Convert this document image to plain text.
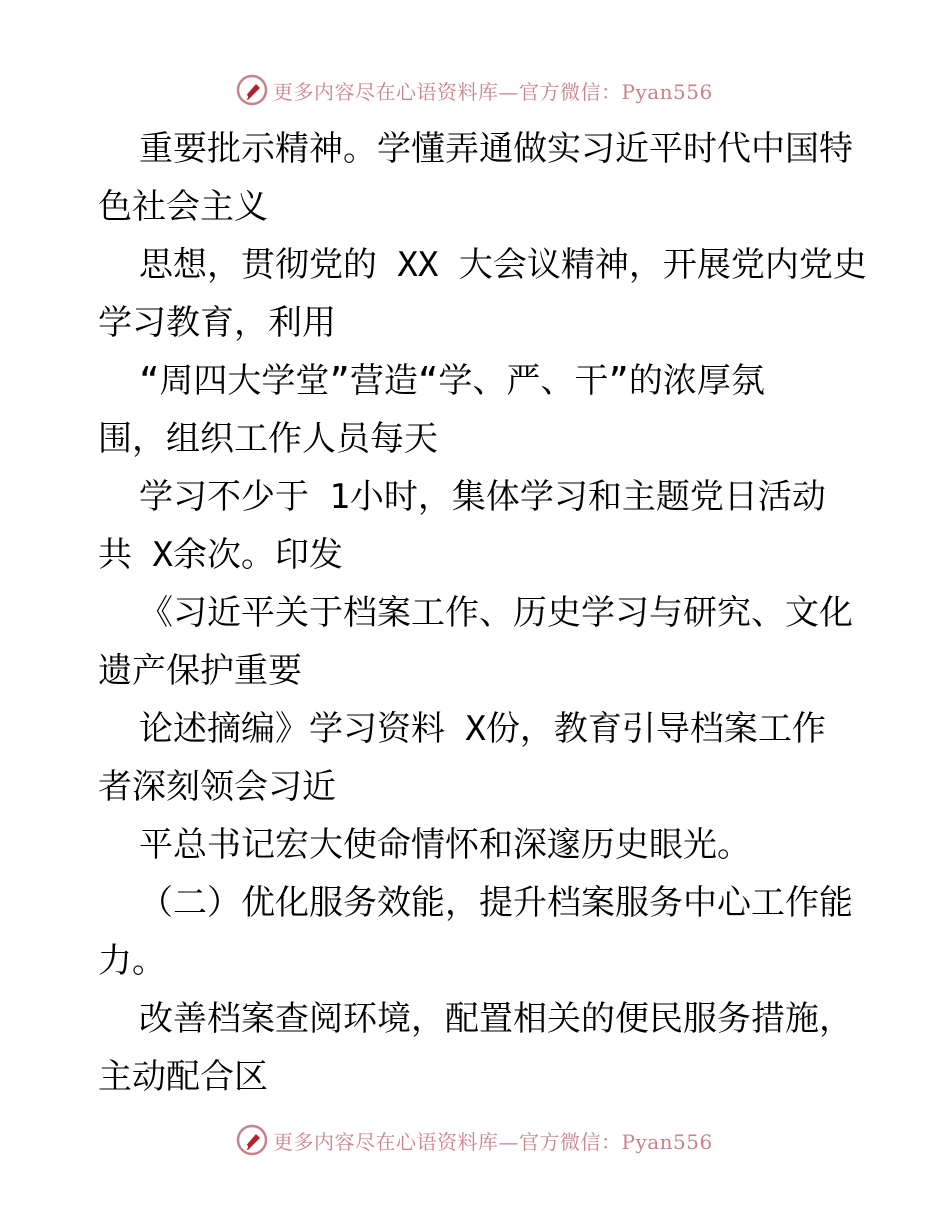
更多内容尽在心语资料库—官方微信：Pyan556
重要批示精神。学懂弄通做实习近平时代中国特
色社会主义
思想，贯彻党的 XX 大会议精神，开展党内党史
学习教育，利用
“周四大学堂”营造“学、严、干”的浓厚氛
围，组织工作人员每天
学习不少于 1小时，集体学习和主题党日活动
共 X余次。印发
《习近平关于档案工作、历史学习与研究、文化
遗产保护重要
论述摘编》学习资料 X份，教育引导档案工作
者深刻领会习近
平总书记宏大使命情怀和深邃历史眼光。
（二）优化服务效能，提升档案服务中心工作能
力。
改善档案查阅环境，配置相关的便民服务措施，
主动配合区
更多内容尽在心语资料库—官方微信：Pyan556
